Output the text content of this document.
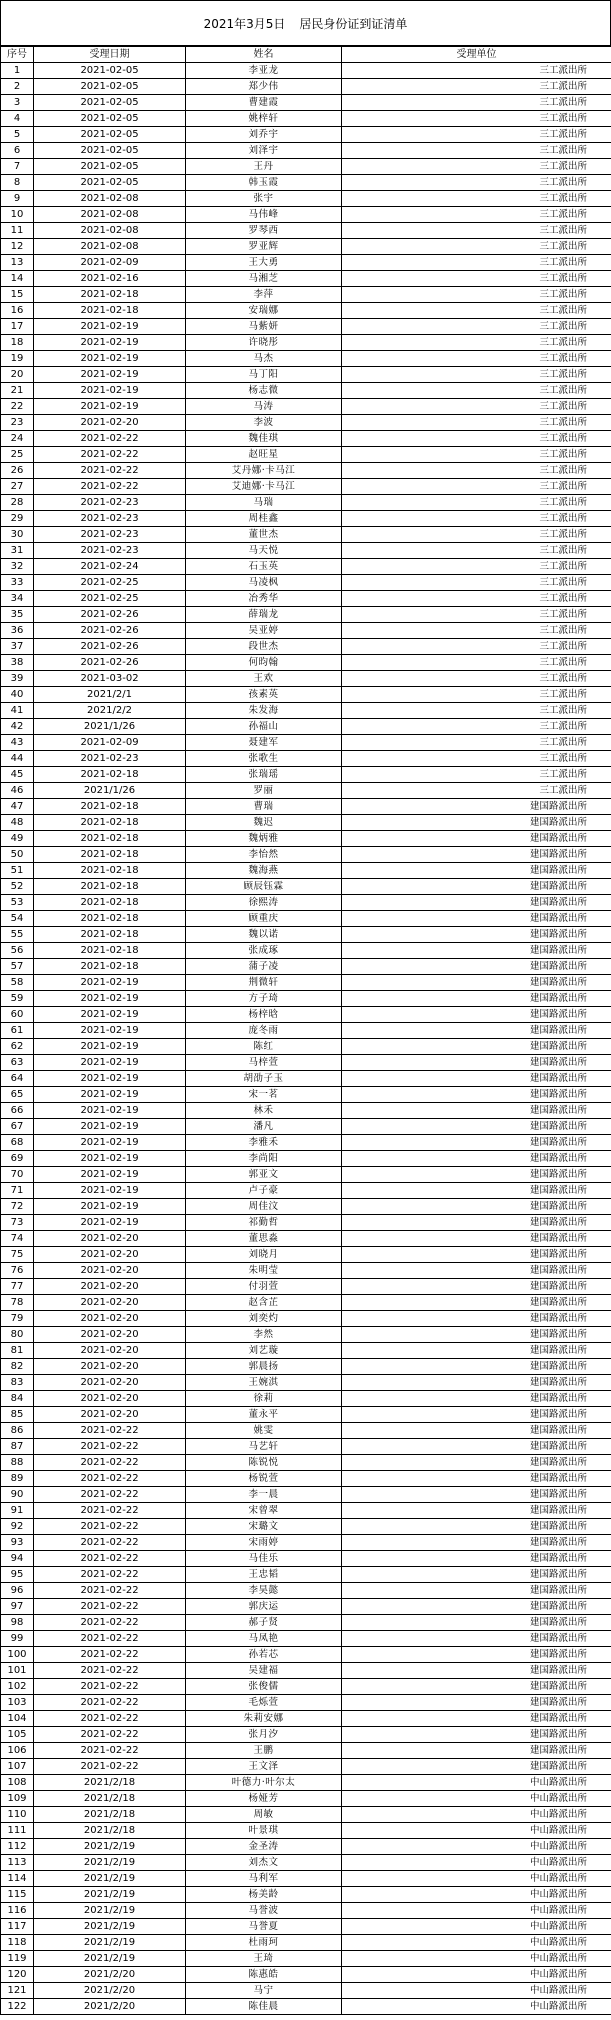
2021年3月5日 居民身份证到证清单
序号	受理日期	姓名	受理单位
1	2021-02-05	李亚龙	三工派出所
2	2021-02-05	郑少伟	三工派出所
3	2021-02-05	曹建霞	三工派出所
4	2021-02-05	姚梓轩	三工派出所
5	2021-02-05	刘乔宇	三工派出所
6	2021-02-05	刘泽宇	三工派出所
7	2021-02-05	王丹	三工派出所
8	2021-02-05	韩玉霞	三工派出所
9	2021-02-08	张宇	三工派出所
10	2021-02-08	马伟峰	三工派出所
11	2021-02-08	罗琴西	三工派出所
12	2021-02-08	罗亚辉	三工派出所
13	2021-02-09	王大勇	三工派出所
14	2021-02-16	马湘芝	三工派出所
15	2021-02-18	李萍	三工派出所
16	2021-02-18	安瑞娜	三工派出所
17	2021-02-19	马紫妍	三工派出所
18	2021-02-19	许晓彤	三工派出所
19	2021-02-19	马杰	三工派出所
20	2021-02-19	马丁阳	三工派出所
21	2021-02-19	杨志微	三工派出所
22	2021-02-19	马涛	三工派出所
23	2021-02-20	李波	三工派出所
24	2021-02-22	魏佳琪	三工派出所
25	2021-02-22	赵旺星	三工派出所
26	2021-02-22	艾丹娜·卡马江	三工派出所
27	2021-02-22	艾迪娜·卡马江	三工派出所
28	2021-02-23	马瑞	三工派出所
29	2021-02-23	周桂鑫	三工派出所
30	2021-02-23	董世杰	三工派出所
31	2021-02-23	马天悦	三工派出所
32	2021-02-24	石玉英	三工派出所
33	2021-02-25	马凌枫	三工派出所
34	2021-02-25	冶秀华	三工派出所
35	2021-02-26	薛瑞龙	三工派出所
36	2021-02-26	吴亚婷	三工派出所
37	2021-02-26	段世杰	三工派出所
38	2021-02-26	何昀翰	三工派出所
39	2021-03-02	王欢	三工派出所
40	2021/2/1	孩素英	三工派出所
41	2021/2/2	朱发海	三工派出所
42	2021/1/26	孙福山	三工派出所
43	2021-02-09	聂建军	三工派出所
44	2021-02-23	张歌生	三工派出所
45	2021-02-18	张瑞瑶	三工派出所
46	2021/1/26	罗丽	三工派出所
47	2021-02-18	曹瑞	建国路派出所
48	2021-02-18	魏迟	建国路派出所
49	2021-02-18	魏炳雅	建国路派出所
50	2021-02-18	李怡然	建国路派出所
51	2021-02-18	魏海燕	建国路派出所
52	2021-02-18	顾辰钰霖	建国路派出所
53	2021-02-18	徐熙涛	建国路派出所
54	2021-02-18	顾重庆	建国路派出所
55	2021-02-18	魏以诺	建国路派出所
56	2021-02-18	张成琢	建国路派出所
57	2021-02-18	蒲子凌	建国路派出所
58	2021-02-19	荆微轩	建国路派出所
59	2021-02-19	方子琦	建国路派出所
60	2021-02-19	杨梓晗	建国路派出所
61	2021-02-19	庞冬雨	建国路派出所
62	2021-02-19	陈红	建国路派出所
63	2021-02-19	马梓萱	建国路派出所
64	2021-02-19	胡劭子玉	建国路派出所
65	2021-02-19	宋一茗	建国路派出所
66	2021-02-19	林禾	建国路派出所
67	2021-02-19	潘凡	建国路派出所
68	2021-02-19	李雅禾	建国路派出所
69	2021-02-19	李尚阳	建国路派出所
70	2021-02-19	郭亚文	建国路派出所
71	2021-02-19	卢子豪	建国路派出所
72	2021-02-19	周佳汶	建国路派出所
73	2021-02-19	祁勤哲	建国路派出所
74	2021-02-20	董思淼	建国路派出所
75	2021-02-20	刘晓月	建国路派出所
76	2021-02-20	朱明莹	建国路派出所
77	2021-02-20	付羽萱	建国路派出所
78	2021-02-20	赵含芷	建国路派出所
79	2021-02-20	刘奕灼	建国路派出所
80	2021-02-20	李然	建国路派出所
81	2021-02-20	刘艺璇	建国路派出所
82	2021-02-20	郭晨扬	建国路派出所
83	2021-02-20	王婉淇	建国路派出所
84	2021-02-20	徐莉	建国路派出所
85	2021-02-20	董永平	建国路派出所
86	2021-02-22	姚雯	建国路派出所
87	2021-02-22	马艺轩	建国路派出所
88	2021-02-22	陈锐悦	建国路派出所
89	2021-02-22	杨锐萱	建国路派出所
90	2021-02-22	李一晨	建国路派出所
91	2021-02-22	宋曾翠	建国路派出所
92	2021-02-22	宋璐文	建国路派出所
93	2021-02-22	宋雨婷	建国路派出所
94	2021-02-22	马佳乐	建国路派出所
95	2021-02-22	王忠韬	建国路派出所
96	2021-02-22	李昊懿	建国路派出所
97	2021-02-22	郭庆运	建国路派出所
98	2021-02-22	郝子贤	建国路派出所
99	2021-02-22	马凤艳	建国路派出所
100	2021-02-22	孙若芯	建国路派出所
101	2021-02-22	吴建福	建国路派出所
102	2021-02-22	张俊儒	建国路派出所
103	2021-02-22	毛烁萱	建国路派出所
104	2021-02-22	朱莉安娜	建国路派出所
105	2021-02-22	张月汐	建国路派出所
106	2021-02-22	王鹏	建国路派出所
107	2021-02-22	王文泽	建国路派出所
108	2021/2/18	叶德力·叶尔太	中山路派出所
109	2021/2/18	杨娅芳	中山路派出所
110	2021/2/18	周敏	中山路派出所
111	2021/2/18	叶景琪	中山路派出所
112	2021/2/19	金圣涛	中山路派出所
113	2021/2/19	刘杰文	中山路派出所
114	2021/2/19	马利军	中山路派出所
115	2021/2/19	杨美龄	中山路派出所
116	2021/2/19	马誉波	中山路派出所
117	2021/2/19	马誉夏	中山路派出所
118	2021/2/19	杜雨珂	中山路派出所
119	2021/2/19	王琦	中山路派出所
120	2021/2/20	陈惠皓	中山路派出所
121	2021/2/20	马宁	中山路派出所
122	2021/2/20	陈佳晨	中山路派出所
